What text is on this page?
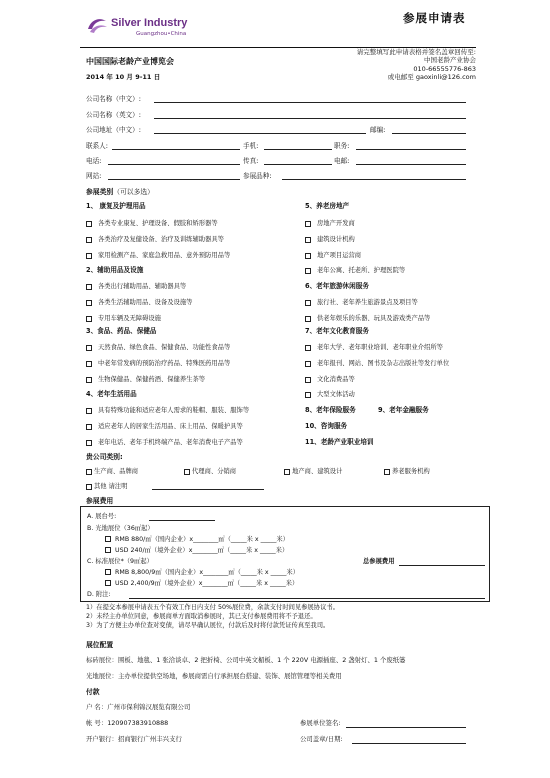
Silver Industry
Guangzhou•China
参展申请表
请完整填写此申请表格并签名盖章回传至:
中国老龄产业协会
010-66555776-863
或电邮至 gaoxinli@126.com
中国国际老龄产业博览会
2014 年 10 月 9-11 日
公司名称（中文）:
公司名称（英文）:
公司地址（中文）:	邮编:
联系人:	手机:	职务:
电话:	传真:	电邮:
网站:	参展品种:
参展类别（可以多选）
1、 康复及护理用品
各类专业康复、护理设备、假肢和矫形器等
各类治疗及复健设备、治疗及训练辅助器具等
家用检测产品、家庭急救用品、意外预防用品等
2、辅助用品及设施
各类出行辅助用品、辅助器具等
各类生活辅助用品、设备及设施等
专用车辆及无障碍设施
3、食品、药品、保健品
天然食品、绿色食品、保健食品、功能性食品等
中老年常发病的预防治疗药品、特殊医药用品等
生物保健品、保健药酒、保健养生茶等
4、老年生活用品
具有特殊功能和适应老年人需求的鞋帽、服装、服饰等
适应老年人的居家生活用品、床上用品、保暖护具等
老年电话、老年手机终端产品、老年消费电子产品等
5、养老房地产
房地产开发商
建筑设计机构
地产项目运营商
老年公寓、托老所、护理医院等
6、老年旅游休闲服务
旅行社、老年养生旅游景点及项目等
供老年娱乐的乐器、玩具及游戏类产品等
7、老年文化教育服务
老年大学、老年职业培训、老年职业介绍所等
老年报刊、网站、图书及杂志出版社等发行单位
文化消费品等
大型文体活动
8、老年保险服务	9、老年金融服务
10、咨询服务
11、老龄产业职业培训
贵公司类别:
生产商、品牌商	代理商、分销商	地产商、建筑设计	养老服务机构
其他 请注明
参展费用
A. 展台号:
B. 光地展位（36㎡起）
RMB 880/㎡（国内企业）x________㎡（_____米 x _____米）
USD 240/㎡（境外企业）x________㎡（_____米 x _____米）
C. 标准展位*（9㎡起）	总参展费用
RMB 8,800/9㎡（国内企业）x________㎡（_____米 x _____米）
USD 2,400/9㎡（境外企业）x________㎡（_____米 x _____米）
D. 附注:
1）在提交本参展申请表五个有效工作日内支付 50%展位费，余款支付时间见参展协议书。
2）未经主办单位同意，参展商单方面取消参展时，其已支付参展费用将不予退还。
3）为了方便主办单位查对变债，请尽早确认展位，付款后及时将付款凭证传真至我司。
展位配置
标砖展位：围板、地毯、1 张洽谈卓、2 把折椅、公司中英文楣板、1 个 220V 电源插座、2 盏射灯、1 个废纸篓
光地展位：主办单位提供空场地，参展商需自行承担展台搭建、装饰、展馆管理等相关费用
付款
户 名：广州市保利锦汉展览有限公司
帐 号：120907383910888	参展单位签名:
开户银行：招商银行广州丰兴支行	公司盖章/日期:
